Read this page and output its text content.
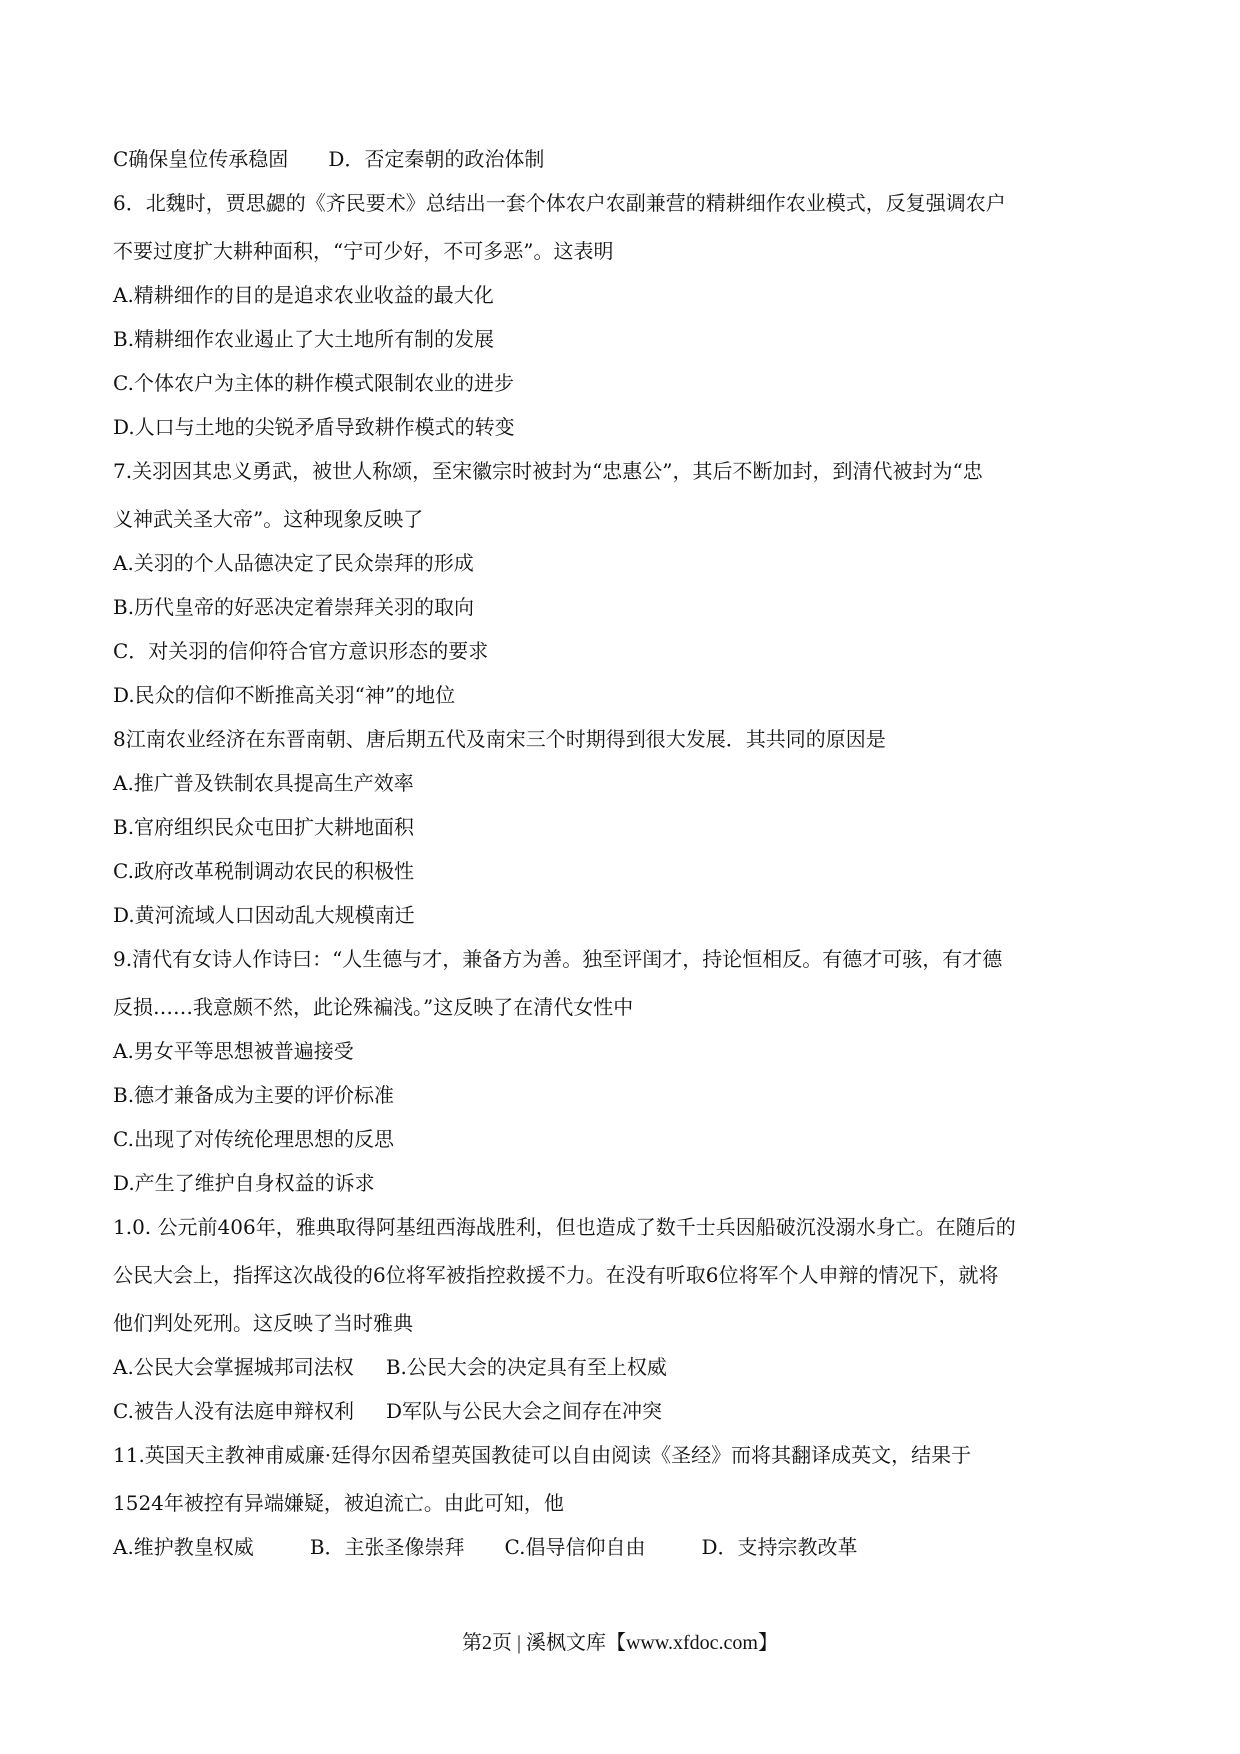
C确保皇位传承稳固 D．否定秦朝的政治体制

6．北魏时，贾思勰的《齐民要术》总结出一套个体农户农副兼营的精耕细作农业模式，反复强调农户

不要过度扩大耕种面积，“宁可少好，不可多恶”。这表明

A.精耕细作的目的是追求农业收益的最大化

B.精耕细作农业遏止了大土地所有制的发展

C.个体农户为主体的耕作模式限制农业的进步

D.人口与土地的尖锐矛盾导致耕作模式的转变

7.关羽因其忠义勇武，被世人称颂，至宋徽宗时被封为“忠惠公”，其后不断加封，到清代被封为“忠

义神武关圣大帝”。这种现象反映了

A.关羽的个人品德决定了民众崇拜的形成

B.历代皇帝的好恶决定着崇拜关羽的取向

C．对关羽的信仰符合官方意识形态的要求

D.民众的信仰不断推高关羽“神”的地位

8江南农业经济在东晋南朝、唐后期五代及南宋三个时期得到很大发展．其共同的原因是

A.推广普及铁制农具提高生产效率

B.官府组织民众屯田扩大耕地面积

C.政府改革税制调动农民的积极性

D.黄河流域人口因动乱大规模南迁

9.清代有女诗人作诗曰：“人生德与才，兼备方为善。独至评闺才，持论恒相反。有德才可骇，有才德

反损……我意颇不然，此论殊褊浅。”这反映了在清代女性中

A.男女平等思想被普遍接受

B.德才兼备成为主要的评价标准

C.出现了对传统伦理思想的反思

D.产生了维护自身权益的诉求

1.0. 公元前406年，雅典取得阿基纽西海战胜利，但也造成了数千士兵因船破沉没溺水身亡。在随后的

公民大会上，指挥这次战役的6位将军被指控救援不力。在没有听取6位将军个人申辩的情况下，就将

他们判处死刑。这反映了当时雅典

A.公民大会掌握城邦司法权 B.公民大会的决定具有至上权威
C.被告人没有法庭申辩权利 D军队与公民大会之间存在冲突

11.英国天主教神甫威廉·廷得尔因希望英国教徒可以自由阅读《圣经》而将其翻译成英文，结果于

1524年被控有异端嫌疑，被迫流亡。由此可知，他

A.维护教皇权威	B．主张圣像崇拜 C.倡导信仰自由	D．支持宗教改革
第2页 | 溪枫文库【www.xfdoc.com】
